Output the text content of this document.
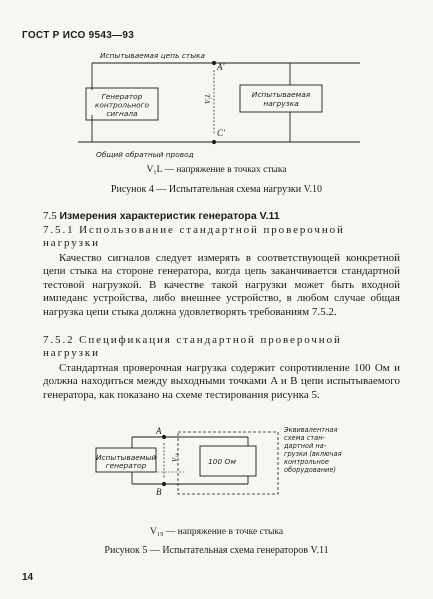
ГОСТ Р ИСО 9543—93
Испытываемая цепь стыка
Общий обратный провод
Генератор
контрольного
сигнала
Испытываемая
нагрузка
A'
C'
V₁L
Испытываемый
генератор	100 Ом
A
B
V₁₉
Эквивалентная
схема стан-
дартной на-
грузки (включая
контрольное
оборудование)
V₁L — напряжение в точках стыка
Рисунок 4 — Испытательная схема нагрузки V.10
7.5 Измерения характеристик генератора V.11
7.5.1 Использование стандартной проверочной
нагрузки
Качество сигналов следует измерять в соответствующей конкретной цепи стыка на стороне генератора, когда цепь заканчивается стандартной тестовой нагрузкой. В качестве такой нагрузки может быть входной импеданс устройства, либо внешнее устройство, в любом случае общая нагрузка цепи стыка должна удовлетворять требованиям 7.5.2.
7.5.2 Спецификация стандартной проверочной
нагрузки
Стандартная проверочная нагрузка содержит сопротивление 100 Ом и должна находиться между выходными точками A и B цепи испытываемого генератора, как показано на схеме тестирования рисунка 5.
V₁₉ — напряжение в точке стыка
Рисунок 5 — Испытательная схема генераторов V.11
14
